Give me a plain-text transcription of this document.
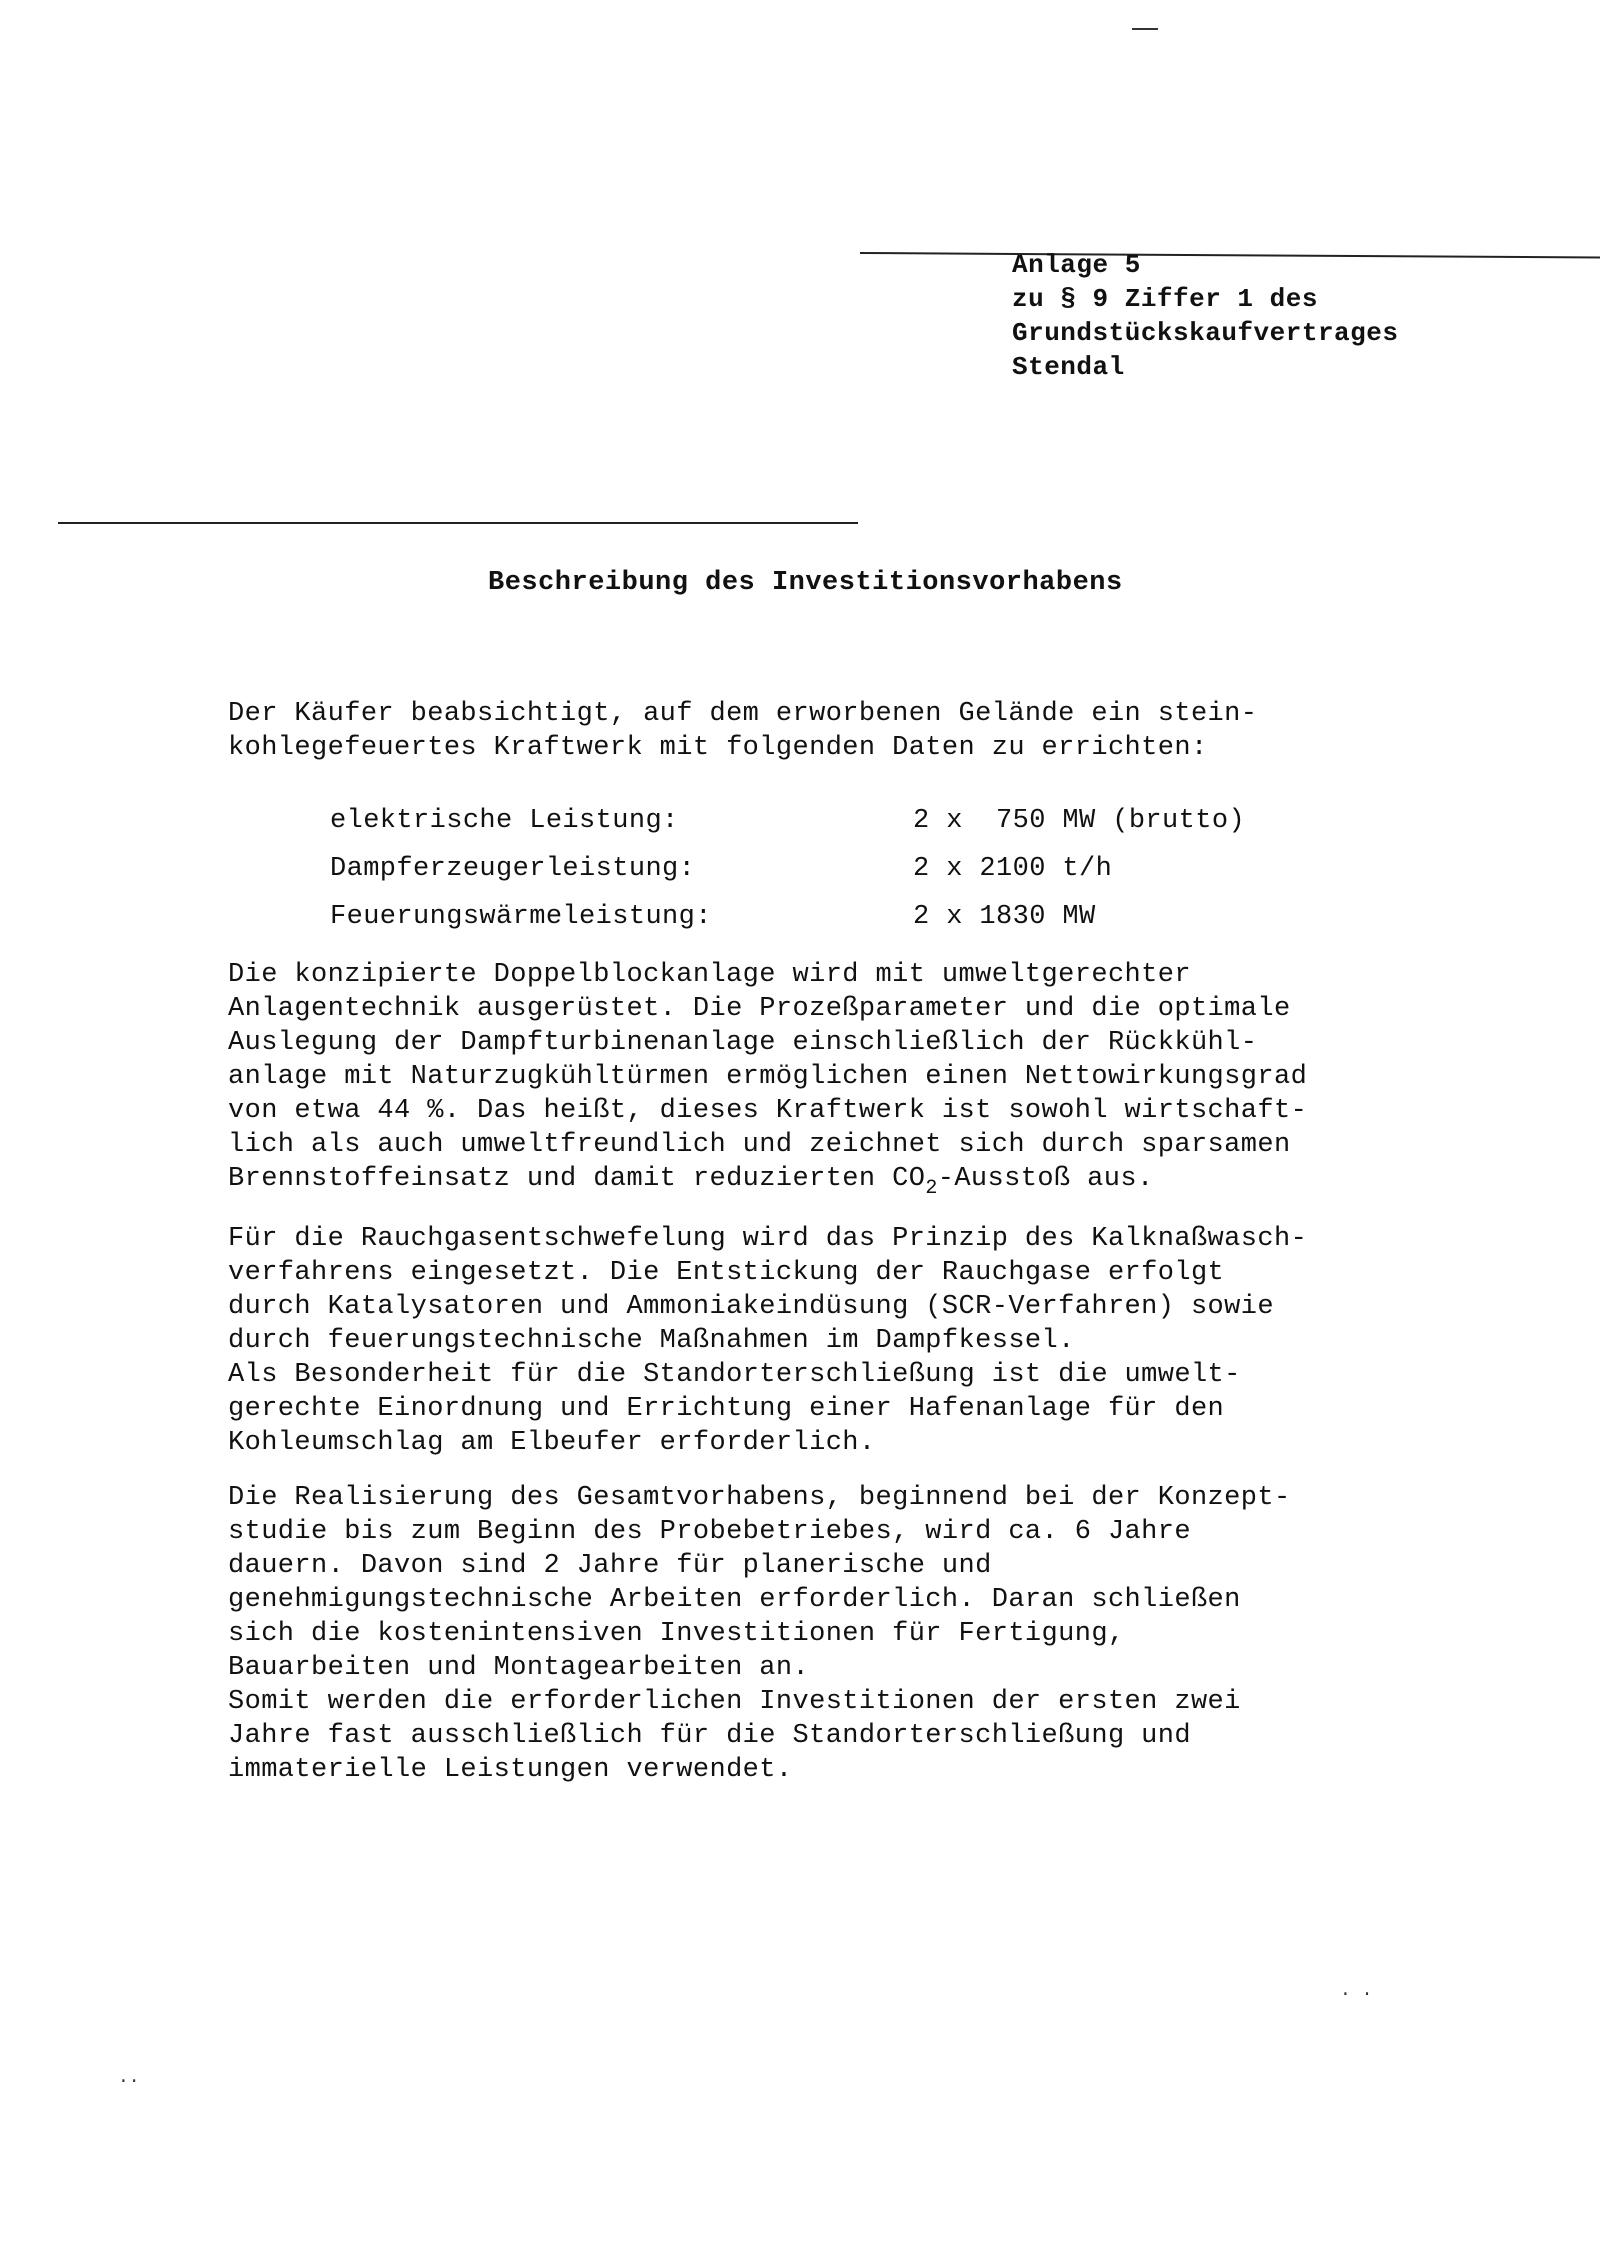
Anlage 5
zu § 9 Ziffer 1 des
Grundstückskaufvertrages
Stendal
Beschreibung des Investitionsvorhabens
Der Käufer beabsichtigt, auf dem erworbenen Gelände ein stein-
kohlegefeuertes Kraftwerk mit folgenden Daten zu errichten:
elektrische Leistung:	2 x  750 MW (brutto)
Dampferzeugerleistung:	2 x 2100 t/h
Feuerungswärmeleistung:	2 x 1830 MW
Die konzipierte Doppelblockanlage wird mit umweltgerechter
Anlagentechnik ausgerüstet. Die Prozeßparameter und die optimale
Auslegung der Dampfturbinenanlage einschließlich der Rückkühl-
anlage mit Naturzugkühltürmen ermöglichen einen Nettowirkungsgrad
von etwa 44 %. Das heißt, dieses Kraftwerk ist sowohl wirtschaft-
lich als auch umweltfreundlich und zeichnet sich durch sparsamen
Brennstoffeinsatz und damit reduzierten $CO_2$-Ausstoß aus.
Für die Rauchgasentschwefelung wird das Prinzip des Kalknaßwasch-
verfahrens eingesetzt. Die Entstickung der Rauchgase erfolgt
durch Katalysatoren und Ammoniakeindüsung (SCR-Verfahren) sowie
durch feuerungstechnische Maßnahmen im Dampfkessel.
Als Besonderheit für die Standorterschließung ist die umwelt-
gerechte Einordnung und Errichtung einer Hafenanlage für den
Kohleumschlag am Elbeufer erforderlich.
Die Realisierung des Gesamtvorhabens, beginnend bei der Konzept-
studie bis zum Beginn des Probebetriebes, wird ca. 6 Jahre
dauern. Davon sind 2 Jahre für planerische und
genehmigungstechnische Arbeiten erforderlich. Daran schließen
sich die kostenintensiven Investitionen für Fertigung,
Bauarbeiten und Montagearbeiten an.
Somit werden die erforderlichen Investitionen der ersten zwei
Jahre fast ausschließlich für die Standorterschließung und
immaterielle Leistungen verwendet.
· ·
··
